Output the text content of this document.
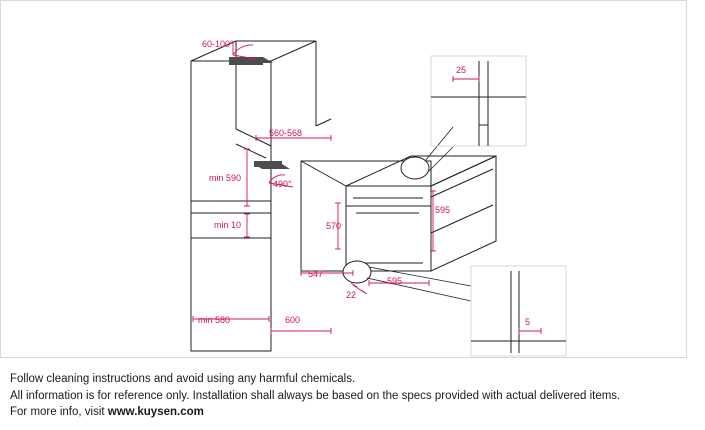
25
5
60-100°
560-568
min 590
490°
min 10
min 580	600
570
547
595
595
22
Follow cleaning instructions and avoid using any harmful chemicals.
All information is for reference only. Installation shall always be based on the specs provided with actual delivered items.
For more info, visit www.kuysen.com
